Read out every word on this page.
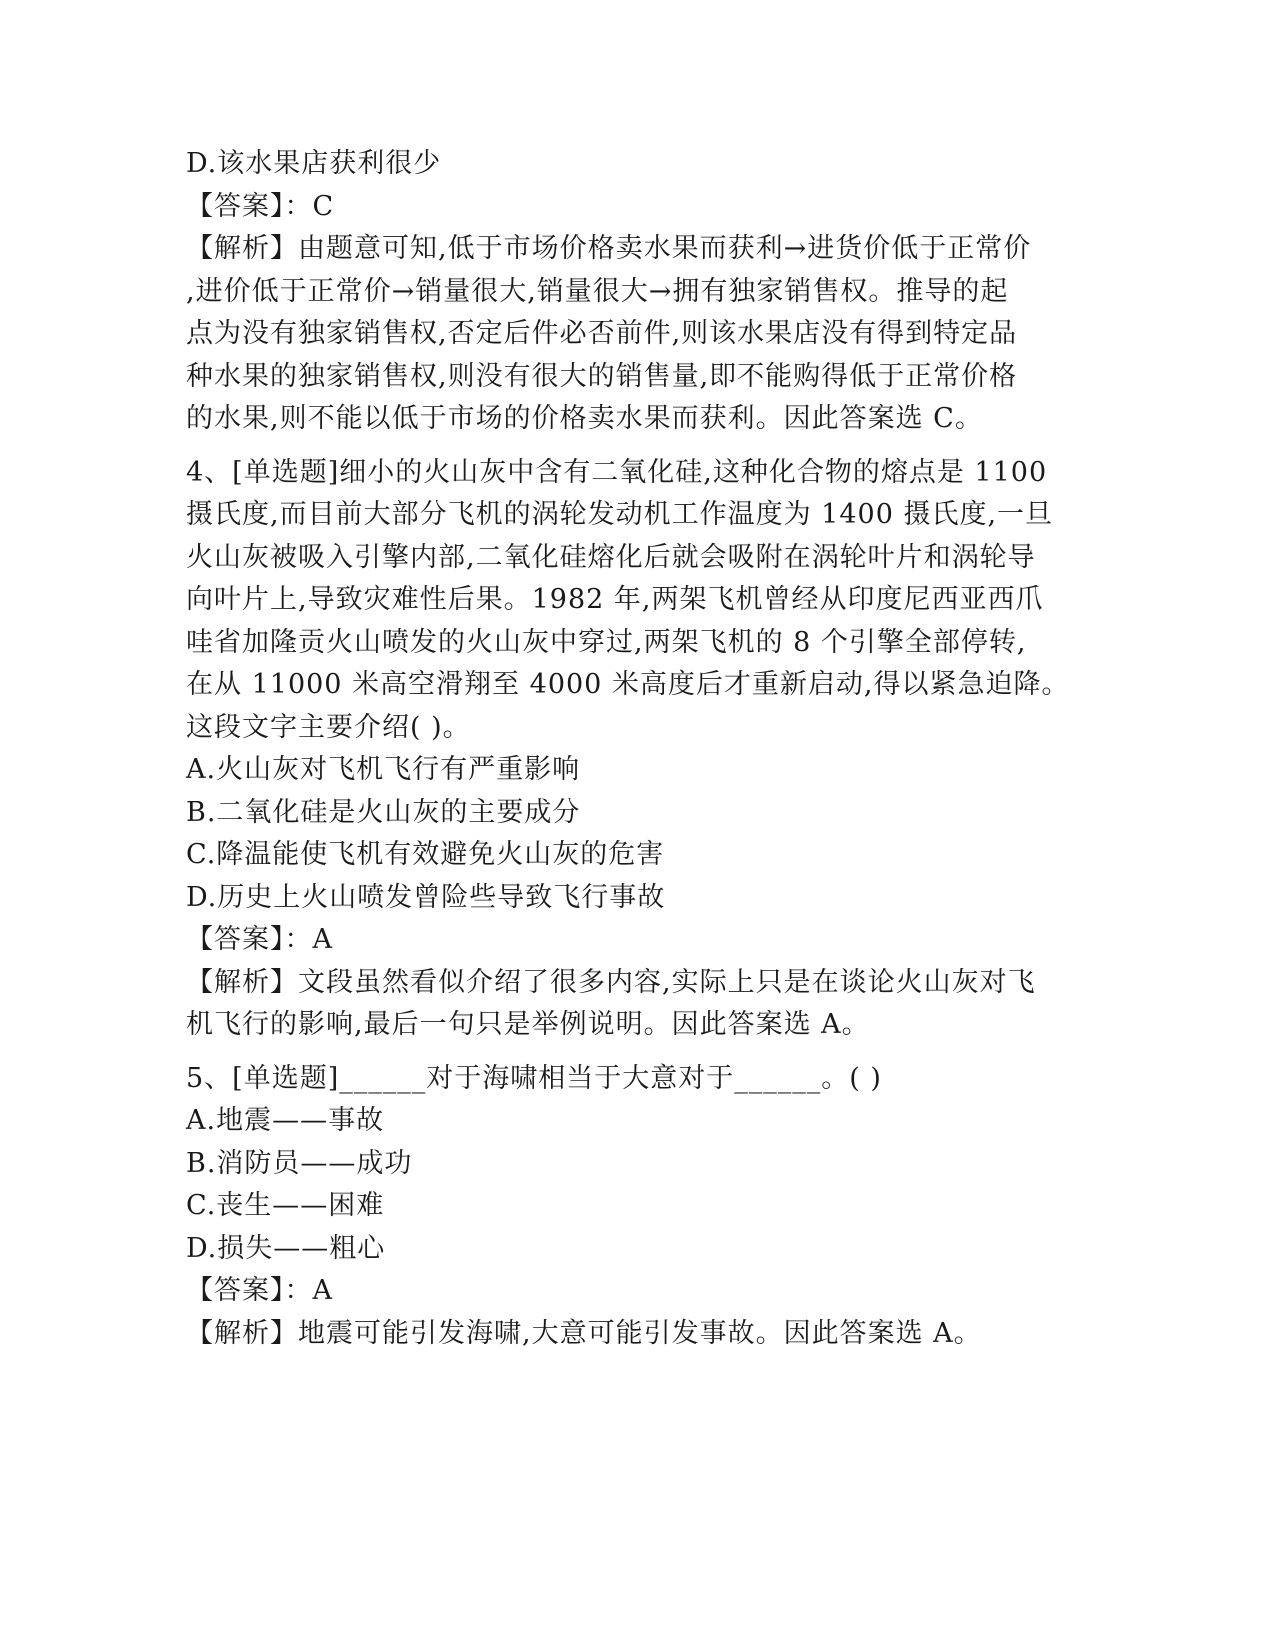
D.该水果店获利很少
【答案】：C
【解析】由题意可知,低于市场价格卖水果而获利→进货价低于正常价
,进价低于正常价→销量很大,销量很大→拥有独家销售权。推导的起
点为没有独家销售权,否定后件必否前件,则该水果店没有得到特定品
种水果的独家销售权,则没有很大的销售量,即不能购得低于正常价格
的水果,则不能以低于市场的价格卖水果而获利。因此答案选 C。
4、[单选题]细小的火山灰中含有二氧化硅,这种化合物的熔点是 1100
摄氏度,而目前大部分飞机的涡轮发动机工作温度为 1400 摄氏度,一旦
火山灰被吸入引擎内部,二氧化硅熔化后就会吸附在涡轮叶片和涡轮导
向叶片上,导致灾难性后果。1982 年,两架飞机曾经从印度尼西亚西爪
哇省加隆贡火山喷发的火山灰中穿过,两架飞机的 8 个引擎全部停转,
在从 11000 米高空滑翔至 4000 米高度后才重新启动,得以紧急迫降。
这段文字主要介绍( )。
A.火山灰对飞机飞行有严重影响
B.二氧化硅是火山灰的主要成分
C.降温能使飞机有效避免火山灰的危害
D.历史上火山喷发曾险些导致飞行事故
【答案】：A
【解析】文段虽然看似介绍了很多内容,实际上只是在谈论火山灰对飞
机飞行的影响,最后一句只是举例说明。因此答案选 A。
5、[单选题]______对于海啸相当于大意对于______。( )
A.地震——事故
B.消防员——成功
C.丧生——困难
D.损失——粗心
【答案】：A
【解析】地震可能引发海啸,大意可能引发事故。因此答案选 A。
